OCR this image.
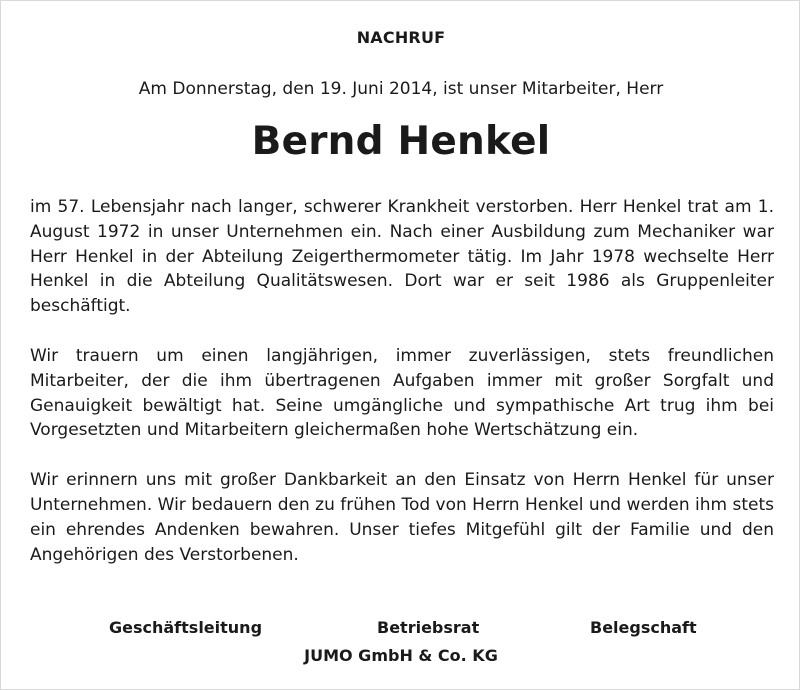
NACHRUF
Am Donnerstag, den 19. Juni 2014, ist unser Mitarbeiter, Herr
Bernd Henkel

im 57. Lebensjahr nach langer, schwerer Krankheit verstorben. Herr Henkel trat am 1. August 1972 in unser Unternehmen ein. Nach einer Ausbildung zum Mechaniker war Herr Henkel in der Abteilung Zeigerthermometer tätig. Im Jahr 1978 wechselte Herr Henkel in die Abteilung Qualitätswesen. Dort war er seit 1986 als Gruppenleiter beschäftigt.

Wir trauern um einen langjährigen, immer zuverlässigen, stets freundlichen Mitarbeiter, der die ihm übertragenen Aufgaben immer mit großer Sorgfalt und Genauigkeit bewältigt hat. Seine umgängliche und sympathische Art trug ihm bei Vorgesetzten und Mitarbeitern gleichermaßen hohe Wertschätzung ein.

Wir erinnern uns mit großer Dankbarkeit an den Einsatz von Herrn Henkel für unser Unternehmen. Wir bedauern den zu frühen Tod von Herrn Henkel und werden ihm stets ein ehrendes Andenken bewahren. Unser tiefes Mitgefühl gilt der Familie und den Angehörigen des Verstorbenen.

Geschäftsleitung	Betriebsrat	Belegschaft
JUMO GmbH & Co. KG
